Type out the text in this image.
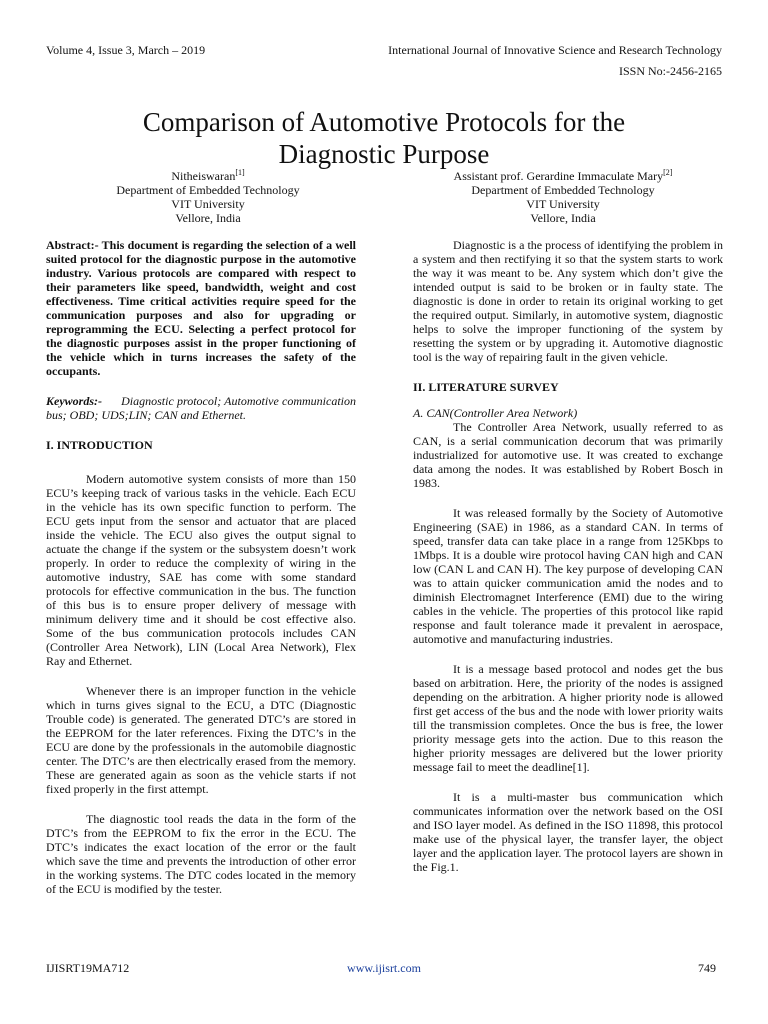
Volume 4, Issue 3, March – 2019	International Journal of Innovative Science and Research Technology
ISSN No:-2456-2165
Comparison of Automotive Protocols for the
Diagnostic Purpose
Nitheiswaran[1]
Department of Embedded Technology
VIT University
Vellore, India
Assistant prof. Gerardine Immaculate Mary[2]
Department of Embedded Technology
VIT University
Vellore, India

Abstract:- This document is regarding the selection of a well suited protocol for the diagnostic purpose in the automotive industry. Various protocols are compared with respect to their parameters like speed, bandwidth, weight and cost effectiveness. Time critical activities require speed for the communication purposes and also for upgrading or reprogramming the ECU. Selecting a perfect protocol for the diagnostic purposes assist in the proper functioning of the vehicle which in turns increases the safety of the occupants.

Keywords:- Diagnostic protocol; Automotive communication bus; OBD; UDS;LIN; CAN and Ethernet.

I. INTRODUCTION

Modern automotive system consists of more than 150 ECU’s keeping track of various tasks in the vehicle. Each ECU in the vehicle has its own specific function to perform. The ECU gets input from the sensor and actuator that are placed inside the vehicle. The ECU also gives the output signal to actuate the change if the system or the subsystem doesn’t work properly. In order to reduce the complexity of wiring in the automotive industry, SAE has come with some standard protocols for effective communication in the bus. The function of this bus is to ensure proper delivery of message with minimum delivery time and it should be cost effective also. Some of the bus communication protocols includes CAN (Controller Area Network), LIN (Local Area Network), Flex Ray and Ethernet.

Whenever there is an improper function in the vehicle which in turns gives signal to the ECU, a DTC (Diagnostic Trouble code) is generated. The generated DTC’s are stored in the EEPROM for the later references. Fixing the DTC’s in the ECU are done by the professionals in the automobile diagnostic center. The DTC’s are then electrically erased from the memory. These are generated again as soon as the vehicle starts if not fixed properly in the first attempt.

The diagnostic tool reads the data in the form of the DTC’s from the EEPROM to fix the error in the ECU. The DTC’s indicates the exact location of the error or the fault which save the time and prevents the introduction of other error in the working systems. The DTC codes located in the memory of the ECU is modified by the tester.

Diagnostic is a the process of identifying the problem in a system and then rectifying it so that the system starts to work the way it was meant to be. Any system which don’t give the intended output is said to be broken or in faulty state. The diagnostic is done in order to retain its original working to get the required output. Similarly, in automotive system, diagnostic helps to solve the improper functioning of the system by resetting the system or by upgrading it. Automotive diagnostic tool is the way of repairing fault in the given vehicle.

II. LITERATURE SURVEY

A. CAN(Controller Area Network)

The Controller Area Network, usually referred to as CAN, is a serial communication decorum that was primarily industrialized for automotive use. It was created to exchange data among the nodes. It was established by Robert Bosch in 1983.

It was released formally by the Society of Automotive Engineering (SAE) in 1986, as a standard CAN. In terms of speed, transfer data can take place in a range from 125Kbps to 1Mbps. It is a double wire protocol having CAN high and CAN low (CAN L and CAN H). The key purpose of developing CAN was to attain quicker communication amid the nodes and to diminish Electromagnet Interference (EMI) due to the wiring cables in the vehicle. The properties of this protocol like rapid response and fault tolerance made it prevalent in aerospace, automotive and manufacturing industries.

It is a message based protocol and nodes get the bus based on arbitration. Here, the priority of the nodes is assigned depending on the arbitration. A higher priority node is allowed first get access of the bus and the node with lower priority waits till the transmission completes. Once the bus is free, the lower priority message gets into the action. Due to this reason the higher priority messages are delivered but the lower priority message fail to meet the deadline[1].

It is a multi-master bus communication which communicates information over the network based on the OSI and ISO layer model. As defined in the ISO 11898, this protocol make use of the physical layer, the transfer layer, the object layer and the application layer. The protocol layers are shown in the Fig.1.

IJISRT19MA712	www.ijisrt.com	749
